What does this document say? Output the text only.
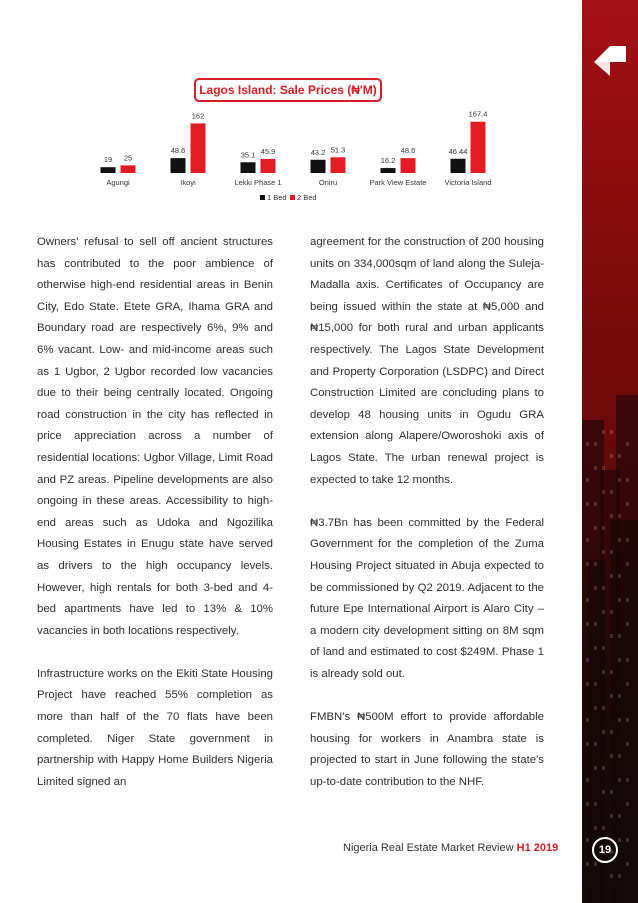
Lagos Island: Sale Prices (₦'M)
19 25
Agungi
48.6
162
Ikoyi
35.1 45.9
Lekki Phase 1
43.2 51.3
Oniru
16.2
48.6
Park View Estate
46.44
167.4
Victoria Island
1 Bed 2 Bed

Owners' refusal to sell off ancient structures has contributed to the poor ambience of otherwise high-end residential areas in Benin City, Edo State. Etete GRA, Ihama GRA and Boundary road are respectively 6%, 9% and 6% vacant. Low- and mid-income areas such as 1 Ugbor, 2 Ugbor recorded low vacancies due to their being centrally located. Ongoing road construction in the city has reflected in price appreciation across a number of residential locations: Ugbor Village, Limit Road and PZ areas. Pipeline developments are also ongoing in these areas. Accessibility to high-end areas such as Udoka and Ngozilika Housing Estates in Enugu state have served as drivers to the high occupancy levels. However, high rentals for both 3-bed and 4-bed apartments have led to 13% & 10% vacancies in both locations respectively.

Infrastructure works on the Ekiti State Housing Project have reached 55% completion as more than half of the 70 flats have been completed. Niger State government in partnership with Happy Home Builders Nigeria Limited signed an

agreement for the construction of 200 housing units on 334,000sqm of land along the Suleja-Madalla axis. Certificates of Occupancy are being issued within the state at ₦5,000 and ₦15,000 for both rural and urban applicants respectively. The Lagos State Development and Property Corporation (LSDPC) and Direct Construction Limited are concluding plans to develop 48 housing units in Ogudu GRA extension along Alapere/Oworoshoki axis of Lagos State. The urban renewal project is expected to take 12 months.

₦3.7Bn has been committed by the Federal Government for the completion of the Zuma Housing Project situated in Abuja expected to be commissioned by Q2 2019. Adjacent to the future Epe International Airport is Alaro City – a modern city development sitting on 8M sqm of land and estimated to cost $249M. Phase 1 is already sold out.

FMBN's ₦500M effort to provide affordable housing for workers in Anambra state is projected to start in June following the state's up-to-date contribution to the NHF.

Nigeria Real Estate Market Review H1 2019	19
